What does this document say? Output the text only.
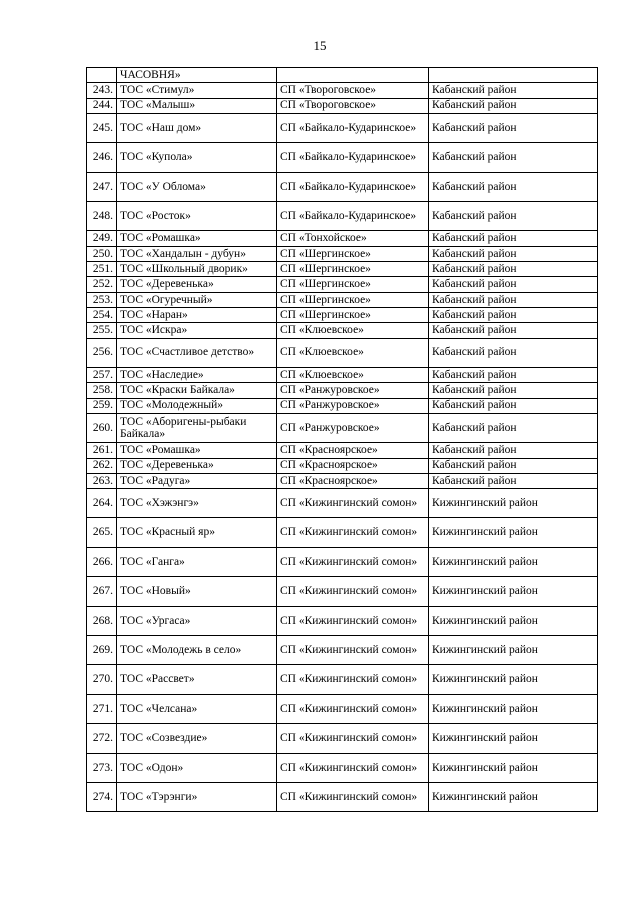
15
	ЧАСОВНЯ»		
243.	ТОС «Стимул»	СП «Твороговское»	Кабанский район
244.	ТОС «Малыш»	СП «Твороговское»	Кабанский район
245.	ТОС «Наш дом»	СП «Байкало-Кударинское»	Кабанский район
246.	ТОС «Купола»	СП «Байкало-Кударинское»	Кабанский район
247.	ТОС «У Облома»	СП «Байкало-Кударинское»	Кабанский район
248.	ТОС «Росток»	СП «Байкало-Кударинское»	Кабанский район
249.	ТОС «Ромашка»	СП «Тонхойское»	Кабанский район
250.	ТОС «Хандалын - дубун»	СП «Шергинское»	Кабанский район
251.	ТОС «Школьный дворик»	СП «Шергинское»	Кабанский район
252.	ТОС «Деревенька»	СП «Шергинское»	Кабанский район
253.	ТОС «Огуречный»	СП «Шергинское»	Кабанский район
254.	ТОС «Наран»	СП «Шергинское»	Кабанский район
255.	ТОС «Искра»	СП «Клюевское»	Кабанский район
256.	ТОС «Счастливое детство»	СП «Клюевское»	Кабанский район
257.	ТОС «Наследие»	СП «Клюевское»	Кабанский район
258.	ТОС «Краски Байкала»	СП «Ранжуровское»	Кабанский район
259.	ТОС «Молодежный»	СП «Ранжуровское»	Кабанский район
260.	ТОС «Аборигены-рыбаки Байкала»	СП «Ранжуровское»	Кабанский район
261.	ТОС «Ромашка»	СП «Красноярское»	Кабанский район
262.	ТОС «Деревенька»	СП «Красноярское»	Кабанский район
263.	ТОС «Радуга»	СП «Красноярское»	Кабанский район
264.	ТОС «Хэжэнгэ»	СП «Кижингинский сомон»	Кижингинский район
265.	ТОС «Красный яр»	СП «Кижингинский сомон»	Кижингинский район
266.	ТОС «Ганга»	СП «Кижингинский сомон»	Кижингинский район
267.	ТОС «Новый»	СП «Кижингинский сомон»	Кижингинский район
268.	ТОС «Ургаса»	СП «Кижингинский сомон»	Кижингинский район
269.	ТОС «Молодежь в село»	СП «Кижингинский сомон»	Кижингинский район
270.	ТОС «Рассвет»	СП «Кижингинский сомон»	Кижингинский район
271.	ТОС «Челсана»	СП «Кижингинский сомон»	Кижингинский район
272.	ТОС «Созвездие»	СП «Кижингинский сомон»	Кижингинский район
273.	ТОС «Одон»	СП «Кижингинский сомон»	Кижингинский район
274.	ТОС «Тэрэнги»	СП «Кижингинский сомон»	Кижингинский район
